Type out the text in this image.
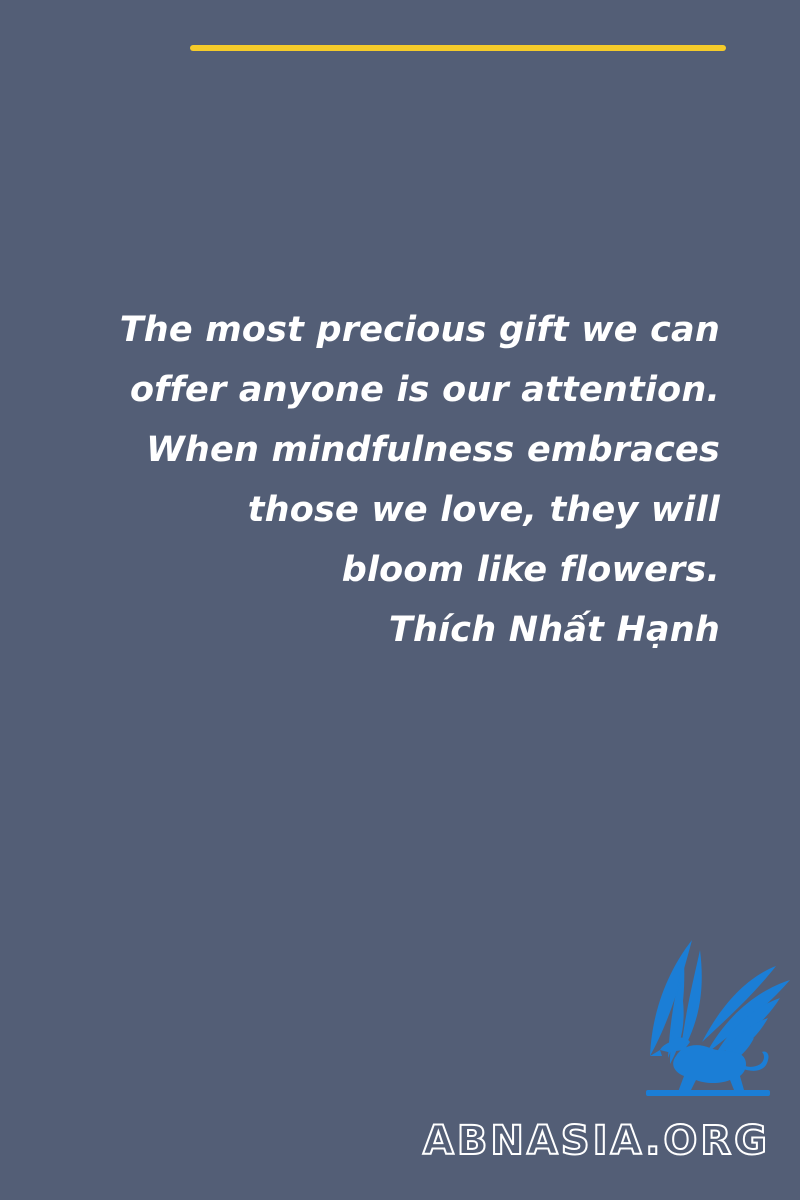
The most precious gift we can
offer anyone is our attention.
When mindfulness embraces
those we love, they will
bloom like flowers.
Thích Nhất Hạnh
ABNASIA.ORG
